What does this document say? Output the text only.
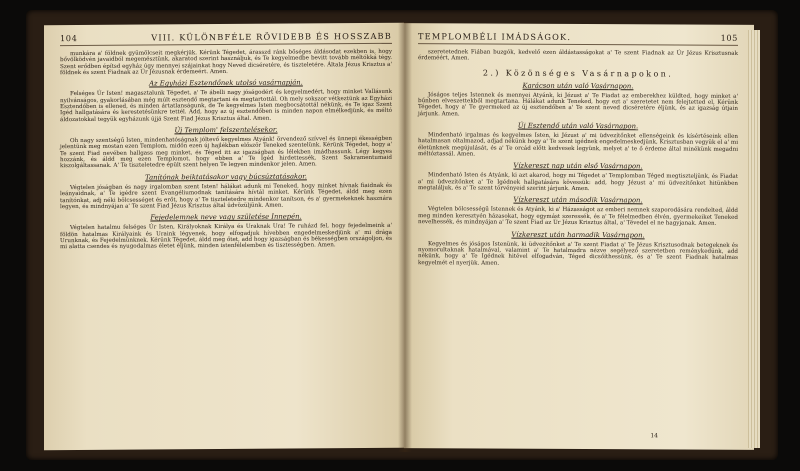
104	VIII. KÜLÖNBFÉLE RÖVIDEBB ÉS HOSSZABB

munkára a' földnek gyümölcseit megkérjük. Kérünk Tégedet, árasszd ránk bőséges áldásodat ezekben is, hogy bővölködvén javaidból megemésztünk, akaratod szerint használjuk, és Te kegyelmedbe bevitt tovább méltókká tégy. Szent erődben építsd egyház úgy mennyei szájainkat hogy Neved dicséretére, és tiszteletére. Általa Jézus Krisztus a' földnek és szent Fiadnak az Úr Jézusnak érdemeért. Amen.

Az Egyházi Esztendőnek utolsó vasárnapján.

Felséges Úr Isten! magasztalunk Tégedet, a' Te ábelli nagy jóságodért és kegyelmedért, hogy minket Vallásunk nyilvánságos, gyakorlásában még múlt esztendő megtartani és megtartottál. Oh mely sokszor vétkeztünk az Egyházi Esztendőben is ellened, és minden ártatlanságunk, de Te kegyelmes Isten megbocsátottál nékünk, és Te igaz Szent Igéd hallgatására és kerestetésünkre tettél. Add, hogy az új esztendőben is minden napon elmélkedjünk, és méltó áldozatokkal tegyük egyházunk újjá Szent Fiad Jézus Krisztus által. Amen.

Új Templom' felszentelésekor.

Oh nagy szentségű Isten, mindenhatóságnak jóltevő kegyelmes Atyánk! örvendező szívvel és ünnepi ékességben jelentünk meg mostan ezen Templom, midőn ezen új hajlékban először Teneked szentelünk. Kérünk Tégedet, hogy a' Te szent Fiad nevében hallgass meg minket, és Téged itt az igazságban és lélekben imádhassunk. Légy kegyes hozzánk, és áldd meg ezen Templomot, hogy ebben a' Te Igéd hirdettessék, Szent Sakramentumaid kiszolgáltassanak. A' Te tiszteletedre épült szent helyen Te legyen mindenkor jelen. Amen.

Tanítónak beiktatásakor vagy búcsúztatásakor.

Végtelen jóságban és nagy irgalomban szent Isten! hálákat adunk mi Teneked, hogy minket hívnak fiaidnak és leányaidnak, a' Te igédre szent Evangéliumodnak tanítására hívtál minket. Kérünk Tégedet, áldd meg ezen tanítónkat, adj néki bölcsességet és erőt, hogy a' Te tiszteletedre mindenkor tanítson, és a' gyermekeknek hasznára legyen, és mindnyájan a' Te szent Fiad Jézus Krisztus által üdvözüljünk. Amen.

Fejedelemnek neve vagy születése Innepén.

Végtelen hatalmu felséges Úr Isten, Királyoknak Királya és Uraknak Ura! Te ruházd fel, hogy fejedelmeink a' földön hatalmas Királyaink és Uraink légyenek, hogy elfogadjuk hívebben engedelmeskedjünk a' mi drága Urunknak, és Fejedelmünknek. Kérünk Tégedet, áldd meg őtet, add hogy igazságban és békességben országoljon, és mi alatta csendes és nyugodalmas életet éljünk, minden istenfélelemben és tisztességben. Amen.

TEMPLOMBÉLI IMÁDSÁGOK.	105

szeretetednek Fiában buzgók, kedvelő ezen áldástasságokat a' Te szent Fiadnak az Úr Jézus Krisztusnak érdeméért, Amen.

2.) Közönséges Vasárnapokon.
Karácson után való Vasárnapon.

Jóságos teljes Istennek és mennyei Atyánk, ki Jézust a' Te Fiadat az emberekhez küldted, hogy minket a' bűnben elveszettekből megtartana. Hálákat adunk Teneked, hogy ezt a' szeretetet nem felejtetted el, Kérünk Tégedet, hogy a' Te gyermeked az új esztendőben a' Te szent neved dicséretére éljünk, és az igazság útjain járjunk. Amen.

Új Esztendő után való Vasárnapon.

Mindenható irgalmas és kegyelmes Isten, ki Jézust a' mi üdvezítőnket ellenségeink és kísértéseink ellen hatalmasan oltalmazod, adjad nékünk hogy a' Te szent igédnek engedelmeskedjünk, Krisztusban vegyük el a' mi életünknek megújulását, és a' Te orcád előtt kedvesek legyünk, melyet a' te ő érdeme által minékünk megadni méltóztassál. Amen.

Vízkereszt nap után első Vasárnapon.

Mindenható Isten és Atyánk, ki azt akarod, hogy mi Tégedet a' Templomban Téged megtiszteljünk, és Fiadat a' mi üdvezítőnket a' Te Igédnek hallgatására kövessük: add, hogy Jézust a' mi üdvezítőnket hitünkben megtaláljuk, és a' Te szent törvényeid szerint járjunk. Amen.

Vízkereszt után második Vasárnapon.

Végtelen bölcsességű Istennek és Atyánk, ki a' Házasságot az emberi nemnek szaporodására rendelted, áldd meg minden keresztyén házasokat, hogy egymást szeressék, és a' Te félelmedben élvén, gyermekeiket Teneked nevelhessék, és mindnyájan a' Te szent Fiad az Úr Jézus Krisztus által, a' Tévedel el ne hagyjanak. Amen.

Vízkereszt után harmadik Vasárnapon.

Kegyelmes és jóságos Istenünk, ki üdvezítőnket a' Te szent Fiadat a' Te Jézus Krisztusodnak betegeknek és nyomorultaknak hatalmával, valamint a' Te hatalmadra nézve segélyező szeretetben reménykedünk, add nékünk, hogy a' Te Igédnek hitével elfogadván, Téged dicsőíthessünk, és a' Te szent Fiadnak hatalmas kegyelmét el nyerjük. Amen.

14
